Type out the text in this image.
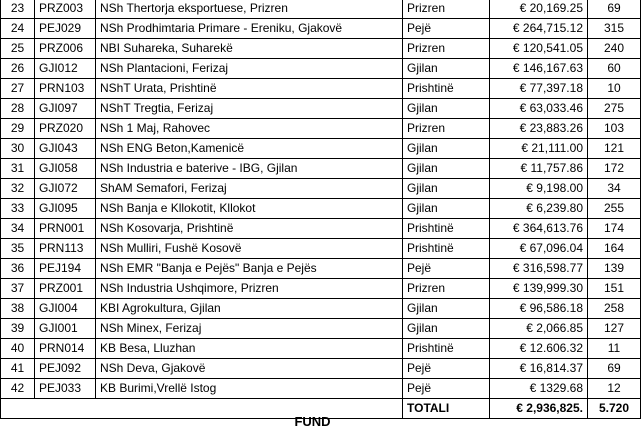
23	PRZ003	NSh Thertorja eksportuese, Prizren	Prizren	€ 20,169.25	69
24	PEJ029	NSh Prodhimtaria Primare - Ereniku, Gjakovë	Pejë	€ 264,715.12	315
25	PRZ006	NBI Suhareka, Suharekë	Prizren	€ 120,541.05	240
26	GJI012	NSh Plantacioni, Ferizaj	Gjilan	€ 146,167.63	60
27	PRN103	NShT Urata, Prishtinë	Prishtinë	€ 77,397.18	10
28	GJI097	NShT Tregtia, Ferizaj	Gjilan	€ 63,033.46	275
29	PRZ020	NSh 1 Maj, Rahovec	Prizren	€ 23,883.26	103
30	GJI043	NSh ENG Beton,Kamenicë	Gjilan	€ 21,111.00	121
31	GJI058	NSh Industria e baterive - IBG, Gjilan	Gjilan	€ 11,757.86	172
32	GJI072	ShAM Semafori, Ferizaj	Gjilan	€ 9,198.00	34
33	GJI095	NSh Banja e Kllokotit, Kllokot	Gjilan	€ 6,239.80	255
34	PRN001	NSh Kosovarja, Prishtinë	Prishtinë	€ 364,613.76	174
35	PRN113	NSh Mulliri, Fushë Kosovë	Prishtinë	€ 67,096.04	164
36	PEJ194	NSh EMR "Banja e Pejës" Banja e Pejës	Pejë	€ 316,598.77	139
37	PRZ001	NSh Industria Ushqimore, Prizren	Prizren	€ 139,999.30	151
38	GJI004	KBI Agrokultura, Gjilan	Gjilan	€ 96,586.18	258
39	GJI001	NSh Minex, Ferizaj	Gjilan	€ 2,066.85	127
40	PRN014	KB Besa, Lluzhan	Prishtinë	€ 12.606.32	11
41	PEJ092	NSh Deva, Gjakovë	Pejë	€ 16,814.37	69
42	PEJ033	KB Burimi,Vrellë Istog	Pejë	€ 1329.68	12
			TOTALI	€ 2,936,825.	5.720
FUND
